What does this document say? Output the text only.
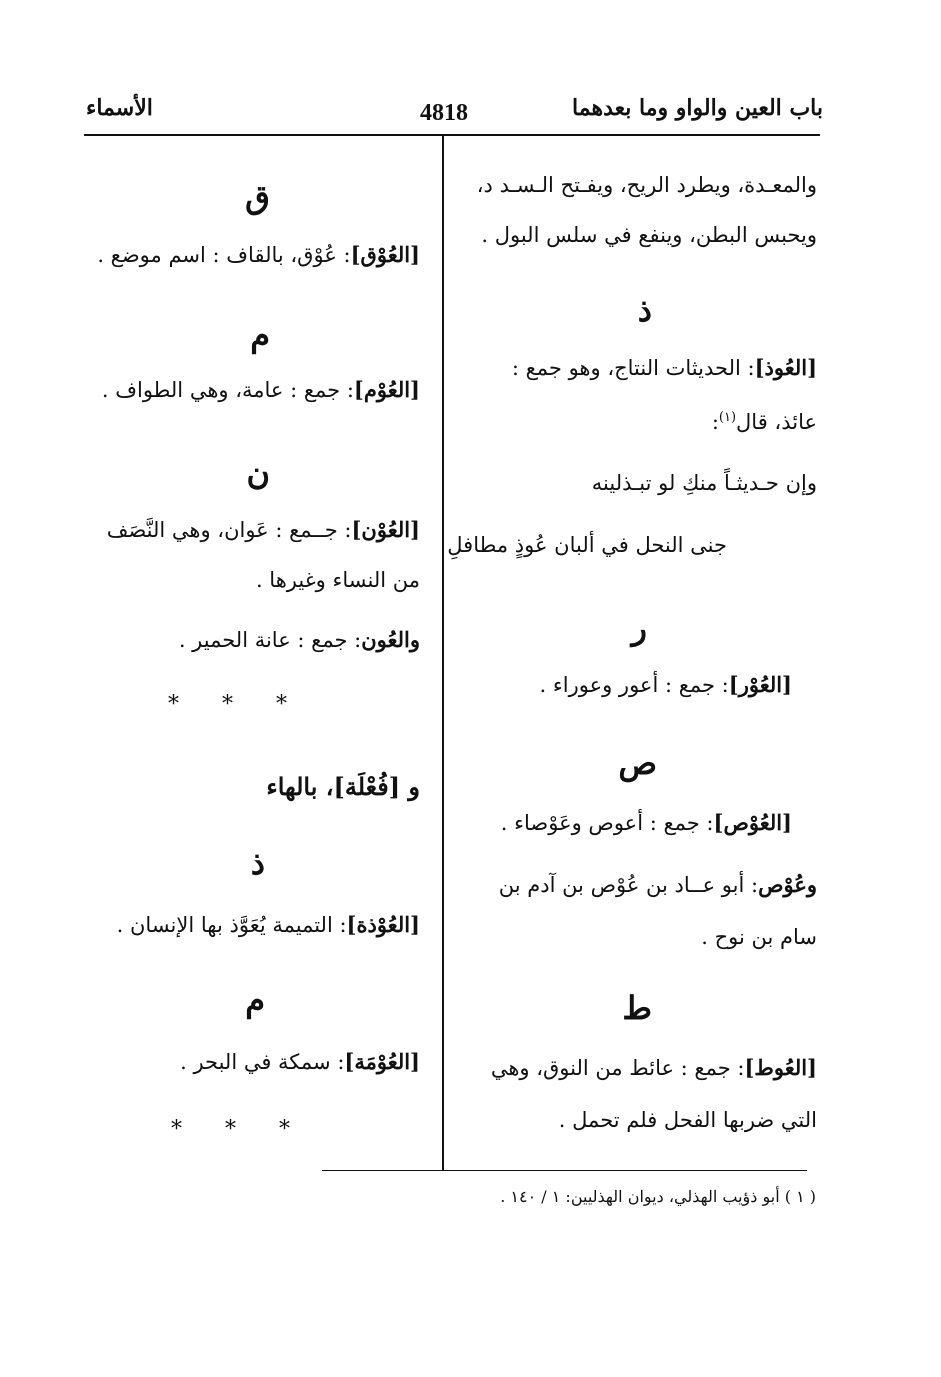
باب العين والواو وما بعدهما
4818
الأسماء
والمعـدة، ويطرد الريح، ويفـتح الـسـد د،
ويحبس البطن، وينفع في سلس البول .
ذ
[العُوذ]: الحديثات النتاج، وهو جمع :
عائذ، قال$^{(١)}$:
وإن حـديثـاً منكِ لو تبـذلينه
جنى النحل في ألبان عُوذٍ مطافلِ
ر
[العُوْر]: جمع : أعور وعوراء .
ص
[العُوْص]: جمع : أعوص وعَوْصاء .
وعُوْص: أبو عــاد بن عُوْص بن آدم بن
سام بن نوح .
ط
[العُوط]: جمع : عائط من النوق، وهي
التي ضربها الفحل فلم تحمل .
ق
[العُوْق]: عُوْق، بالقاف : اسم موضع .
م
[العُوْم]: جمع : عامة، وهي الطواف .
ن
[العُوْن]: جــمع : عَوان، وهي النَّصَف
من النساء وغيرها .
والعُون: جمع : عانة الحمير .
* * *
و [فُعْلَة]، بالهاء
ذ
[العُوْذة]: التميمة يُعَوَّذ بها الإنسان .
م
[العُوْمَة]: سمكة في البحر .
* * *
( ١ ) أبو ذؤيب الهذلي، ديوان الهذليين: ١ / ١٤٠ .
